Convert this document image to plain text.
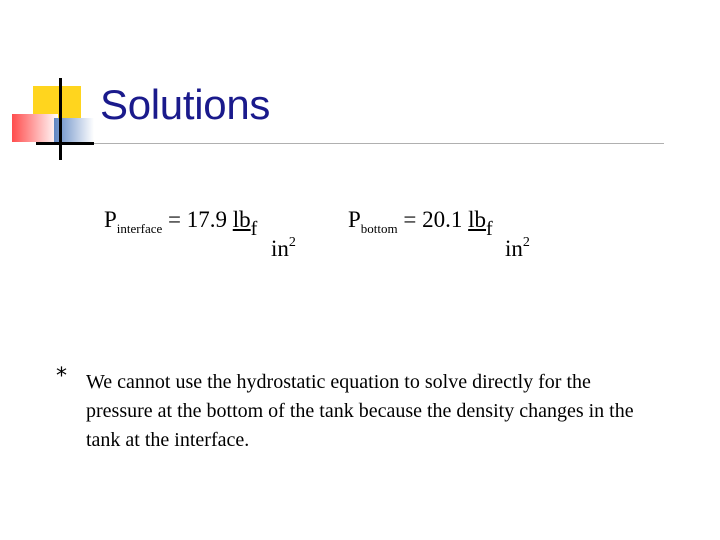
Solutions
$P_{interface} = 17.9$ lbf
$in^2$
$P_{bottom} = 20.1$ lbf
$in^2$
* We cannot use the hydrostatic equation to solve directly for the pressure at the bottom of the tank because the density changes in the tank at the interface.
